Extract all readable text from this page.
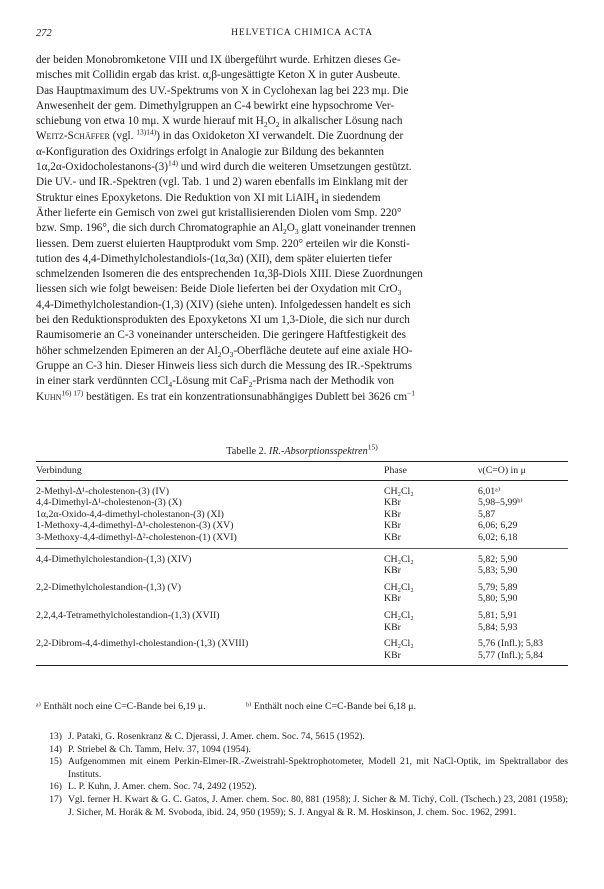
272	HELVETICA CHIMICA ACTA

der beiden Monobromketone VIII und IX übergeführt wurde. Erhitzen dieses Ge-

misches mit Collidin ergab das krist. α,β-ungesättigte Keton X in guter Ausbeute.

Das Hauptmaximum des UV.-Spektrums von X in Cyclohexan lag bei 223 mμ. Die

Anwesenheit der gem. Dimethylgruppen an C-4 bewirkt eine hypsochrome Ver-

schiebung von etwa 10 mμ. X wurde hierauf mit $H_2O_2$ in alkalischer Lösung nach

Weitz-Schäffer (vgl. $^{13)14)}$) in das Oxidoketon XI verwandelt. Die Zuordnung der

α-Konfiguration des Oxidrings erfolgt in Analogie zur Bildung des bekannten

$1\alpha,2\alpha-Oxidocholestanons-(3)^{14)}$ und wird durch die weiteren Umsetzungen gestützt.

Die UV.- und IR.-Spektren (vgl. Tab. 1 und 2) waren ebenfalls im Einklang mit der

Struktur eines Epoxyketons. Die Reduktion von XI mit LiAlH$_4$ in siedendem

Äther lieferte ein Gemisch von zwei gut kristallisierenden Diolen vom Smp. 220°

bzw. Smp. 196°, die sich durch Chromatographie an $Al_2O_3$ glatt voneinander trennen

liessen. Dem zuerst eluierten Hauptprodukt vom Smp. 220° erteilen wir die Konsti-

tution des 4,4-Dimethylcholestandiols-(1α,3α) (XII), dem später eluierten tiefer

schmelzenden Isomeren die des entsprechenden 1α,3β-Diols XIII. Diese Zuordnungen

liessen sich wie folgt beweisen: Beide Diole lieferten bei der Oxydation mit CrO$_3$

4,4-Dimethylcholestandion-(1,3) (XIV) (siehe unten). Infolgedessen handelt es sich

bei den Reduktionsprodukten des Epoxyketons XI um 1,3-Diole, die sich nur durch

Raumisomerie an C-3 voneinander unterscheiden. Die geringere Haftfestigkeit des

höher schmelzenden Epimeren an der $Al_2O_3$-Oberfläche deutete auf eine axiale HO-

Gruppe an C-3 hin. Dieser Hinweis liess sich durch die Messung des IR.-Spektrums

in einer stark verdünnten CCl$_4$-Lösung mit CaF$_2$-Prisma nach der Methodik von

Kuhn$^{16) 17)}$ bestätigen. Es trat ein konzentrationsunabhängiges Dublett bei 3626 $cm^{-1}$

Tabelle 2. IR.-Absorptionsspektren$^{15)}$
Verbindung	Phase	ν(C=O) in μ
2-Methyl-Δ¹-cholestenon-(3) (IV)	CH₂Cl₂	6,01ᵃ⁾
4,4-Dimethyl-Δ¹-cholestenon-(3) (X)	KBr	5,98–5,99ᵇ⁾
1α,2α-Oxido-4,4-dimethyl-cholestanon-(3) (XI)	KBr	5,87
1-Methoxy-4,4-dimethyl-Δ¹-cholestenon-(3) (XV)	KBr	6,06; 6,29
3-Methoxy-4,4-dimethyl-Δ²-cholestenon-(1) (XVI)	KBr	6,02; 6,18
4,4-Dimethylcholestandion-(1,3) (XIV)	CH₂Cl₂	5,82; 5,90
	KBr	5,83; 5,90
2,2-Dimethylcholestandion-(1,3) (V)	CH₂Cl₂	5,79; 5,89
	KBr	5,80; 5,90
2,2,4,4-Tetramethylcholestandion-(1,3) (XVII)	CH₂Cl₂	5,81; 5,91
	KBr	5,84; 5,93
2,2-Dibrom-4,4-dimethyl-cholestandion-(1,3) (XVIII)	CH₂Cl₂	5,76 (Infl.); 5,83
	KBr	5,77 (Infl.); 5,84
ᵃ⁾ Enthält noch eine C=C-Bande bei 6,19 μ.	ᵇ⁾ Enthält noch eine C=C-Bande bei 6,18 μ.
13) J. Pataki, G. Rosenkranz & C. Djerassi, J. Amer. chem. Soc. 74, 5615 (1952).
14) P. Striebel & Ch. Tamm, Helv. 37, 1094 (1954).
15) Aufgenommen mit einem Perkin-Elmer-IR.-Zweistrahl-Spektrophotometer, Modell 21, mit NaCl-Optik, im Spektrallabor des Instituts.
16) L. P. Kuhn, J. Amer. chem. Soc. 74, 2492 (1952).
17) Vgl. ferner H. Kwart & G. C. Gatos, J. Amer. chem. Soc. 80, 881 (1958); J. Sicher & M. Tichý, Coll. (Tschech.) 23, 2081 (1958); J. Sicher, M. Horák & M. Svoboda, ibid. 24, 950 (1959); S. J. Angyal & R. M. Hoskinson, J. chem. Soc. 1962, 2991.
